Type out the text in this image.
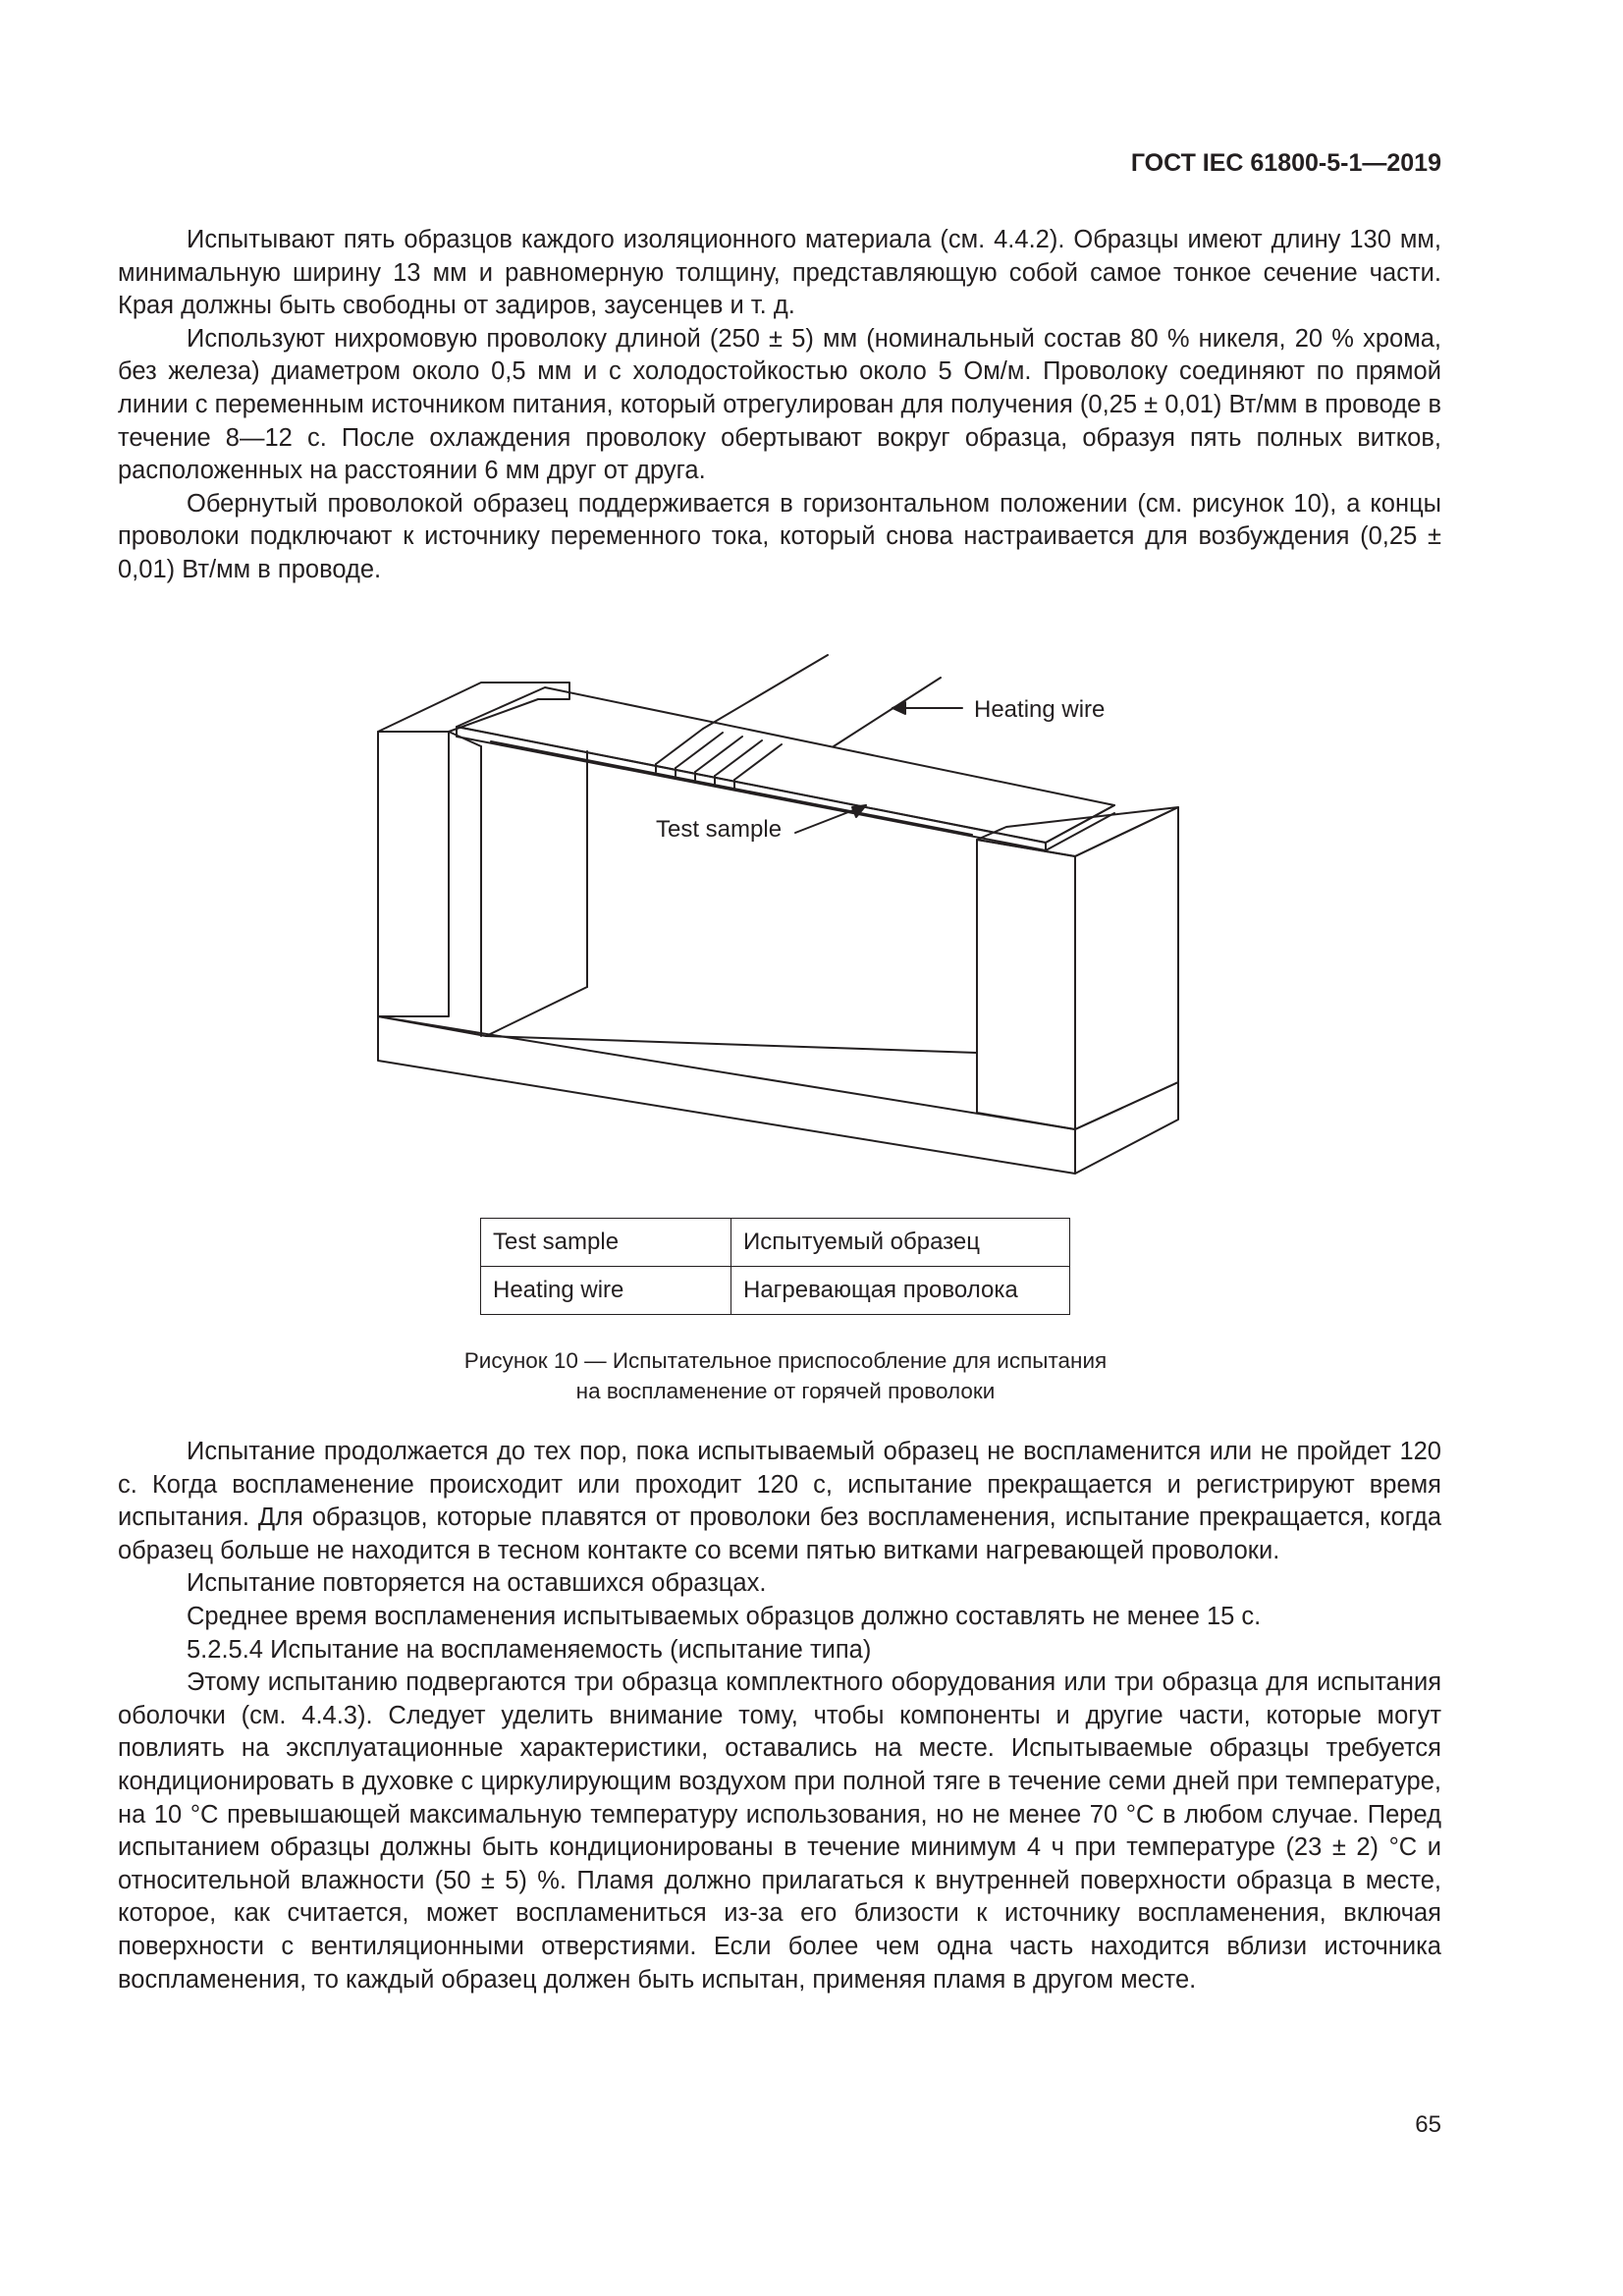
ГОСТ IEC 61800-5-1—2019

Испытывают пять образцов каждого изоляционного материала (см. 4.4.2). Образцы имеют длину 130 мм, минимальную ширину 13 мм и равномерную толщину, представляющую собой самое тонкое сечение части. Края должны быть свободны от задиров, заусенцев и т. д.

Используют нихромовую проволоку длиной (250 ± 5) мм (номинальный состав 80 % никеля, 20 % хрома, без железа) диаметром около 0,5 мм и с холодостойкостью около 5 Ом/м. Проволоку соединяют по прямой линии с переменным источником питания, который отрегулирован для получения (0,25 ± 0,01) Вт/мм в проводе в течение 8—12 с. После охлаждения проволоку обертывают вокруг образца, образуя пять полных витков, расположенных на расстоянии 6 мм друг от друга.

Обернутый проволокой образец поддерживается в горизонтальном положении (см. рисунок 10), а концы проволоки подключают к источнику переменного тока, который снова настраивается для возбуждения (0,25 ± 0,01) Вт/мм в проводе.

Heating wire
Test sample
Test sample	Испытуемый образец
Heating wire	Нагревающая проволока
Рисунок 10 — Испытательное приспособление для испытания
на воспламенение от горячей проволоки

Испытание продолжается до тех пор, пока испытываемый образец не воспламенится или не пройдет 120 с. Когда воспламенение происходит или проходит 120 с, испытание прекращается и регистрируют время испытания. Для образцов, которые плавятся от проволоки без воспламенения, испытание прекращается, когда образец больше не находится в тесном контакте со всеми пятью витками нагревающей проволоки.

Испытание повторяется на оставшихся образцах.

Среднее время воспламенения испытываемых образцов должно составлять не менее 15 с.

5.2.5.4 Испытание на воспламеняемость (испытание типа)

Этому испытанию подвергаются три образца комплектного оборудования или три образца для испытания оболочки (см. 4.4.3). Следует уделить внимание тому, чтобы компоненты и другие части, которые могут повлиять на эксплуатационные характеристики, оставались на месте. Испытываемые образцы требуется кондиционировать в духовке с циркулирующим воздухом при полной тяге в течение семи дней при температуре, на 10 °C превышающей максимальную температуру использования, но не менее 70 °C в любом случае. Перед испытанием образцы должны быть кондиционированы в течение минимум 4 ч при температуре (23 ± 2) °C и относительной влажности (50 ± 5) %. Пламя должно прилагаться к внутренней поверхности образца в месте, которое, как считается, может воспламениться из-за его близости к источнику воспламенения, включая поверхности с вентиляционными отверстиями. Если более чем одна часть находится вблизи источника воспламенения, то каждый образец должен быть испытан, применяя пламя в другом месте.

65
